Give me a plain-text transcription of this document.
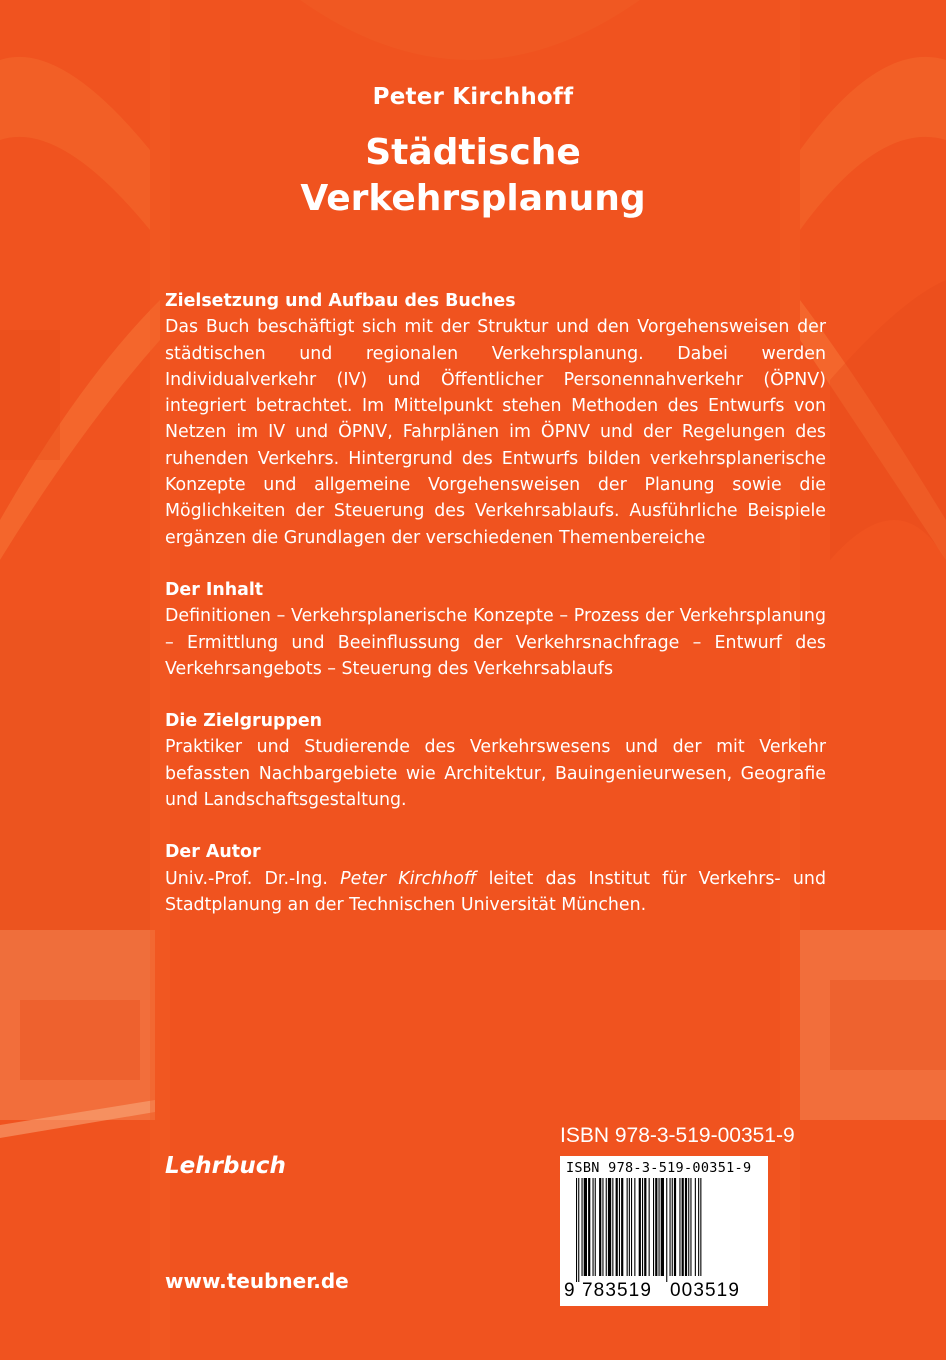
Peter Kirchhoff
Städtische
Verkehrsplanung
Zielsetzung und Aufbau des Buches

Das Buch beschäftigt sich mit der Struktur und den Vorgehensweisen der städtischen und regionalen Verkehrsplanung. Dabei werden Individualverkehr (IV) und Öffentlicher Personennahverkehr (ÖPNV) integriert betrachtet. Im Mittelpunkt stehen Methoden des Entwurfs von Netzen im IV und ÖPNV, Fahrplänen im ÖPNV und der Regelungen des ruhenden Verkehrs. Hintergrund des Entwurfs bilden verkehrsplanerische Konzepte und allgemeine Vorgehensweisen der Planung sowie die Möglichkeiten der Steuerung des Verkehrsablaufs. Ausführliche Beispiele ergänzen die Grundlagen der verschiedenen Themenbereiche

Der Inhalt

Definitionen – Verkehrsplanerische Konzepte – Prozess der Verkehrsplanung – Ermittlung und Beeinflussung der Verkehrsnachfrage – Entwurf des Verkehrsangebots – Steuerung des Verkehrsablaufs

Die Zielgruppen

Praktiker und Studierende des Verkehrswesens und der mit Verkehr befassten Nachbargebiete wie Architektur, Bauingenieurwesen, Geografie und Landschaftsgestaltung.

Der Autor

Univ.-Prof. Dr.-Ing. Peter Kirchhoff leitet das Institut für Verkehrs- und Stadtplanung an der Technischen Universität München.

Lehrbuch
www.teubner.de
ISBN 978-3-519-00351-9
ISBN 978-3-519-00351-9
9 783519 003519
